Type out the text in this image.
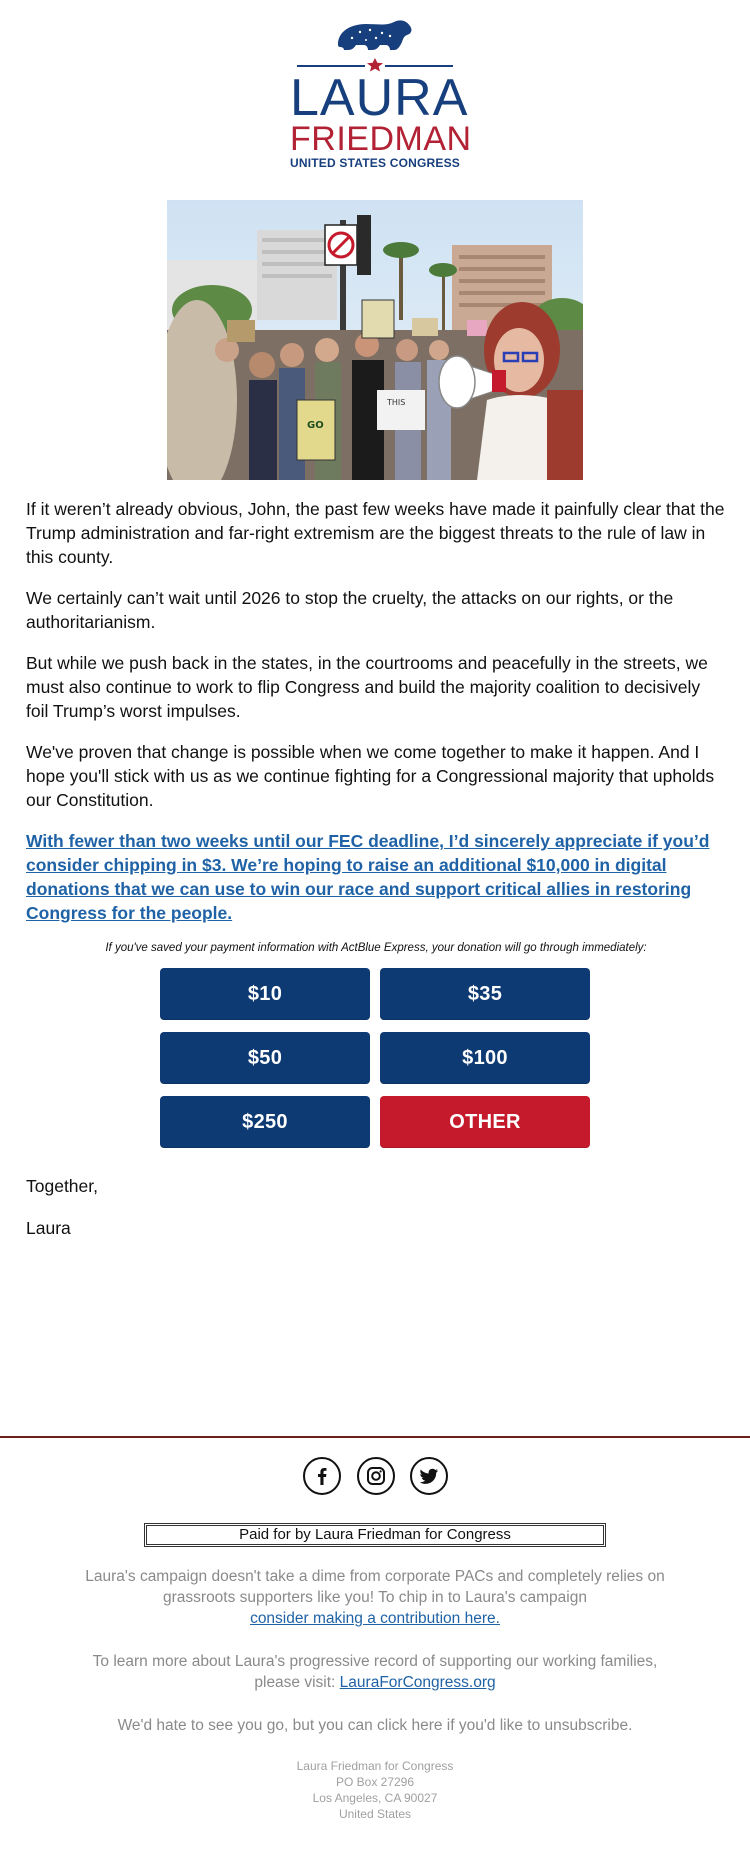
LAURA
FRIEDMAN
UNITED STATES CONGRESS
GO
THIS

If it weren’t already obvious, John, the past few weeks have made it painfully clear that the Trump administration and far-right extremism are the biggest threats to the rule of law in this county.

We certainly can’t wait until 2026 to stop the cruelty, the attacks on our rights, or the authoritarianism.

But while we push back in the states, in the courtrooms and peacefully in the streets, we must also continue to work to flip Congress and build the majority coalition to decisively foil Trump’s worst impulses.

We've proven that change is possible when we come together to make it happen. And I hope you'll stick with us as we continue fighting for a Congressional majority that upholds our Constitution.

With fewer than two weeks until our FEC deadline, I’d sincerely appreciate if you’d consider chipping in $3. We’re hoping to raise an additional $10,000 in digital donations that we can use to win our race and support critical allies in restoring Congress for the people.
If you've saved your payment information with ActBlue Express, your donation will go through immediately:
$10	$35
$50	$100
$250	OTHER

Together,

Laura

Paid for by Laura Friedman for Congress

Laura's campaign doesn't take a dime from corporate PACs and completely relies on grassroots supporters like you! To chip in to Laura's campaign
consider making a contribution here.

To learn more about Laura's progressive record of supporting our working families, please visit: LauraForCongress.org

We'd hate to see you go, but you can click here if you'd like to unsubscribe.

Laura Friedman for Congress
PO Box 27296
Los Angeles, CA 90027
United States
